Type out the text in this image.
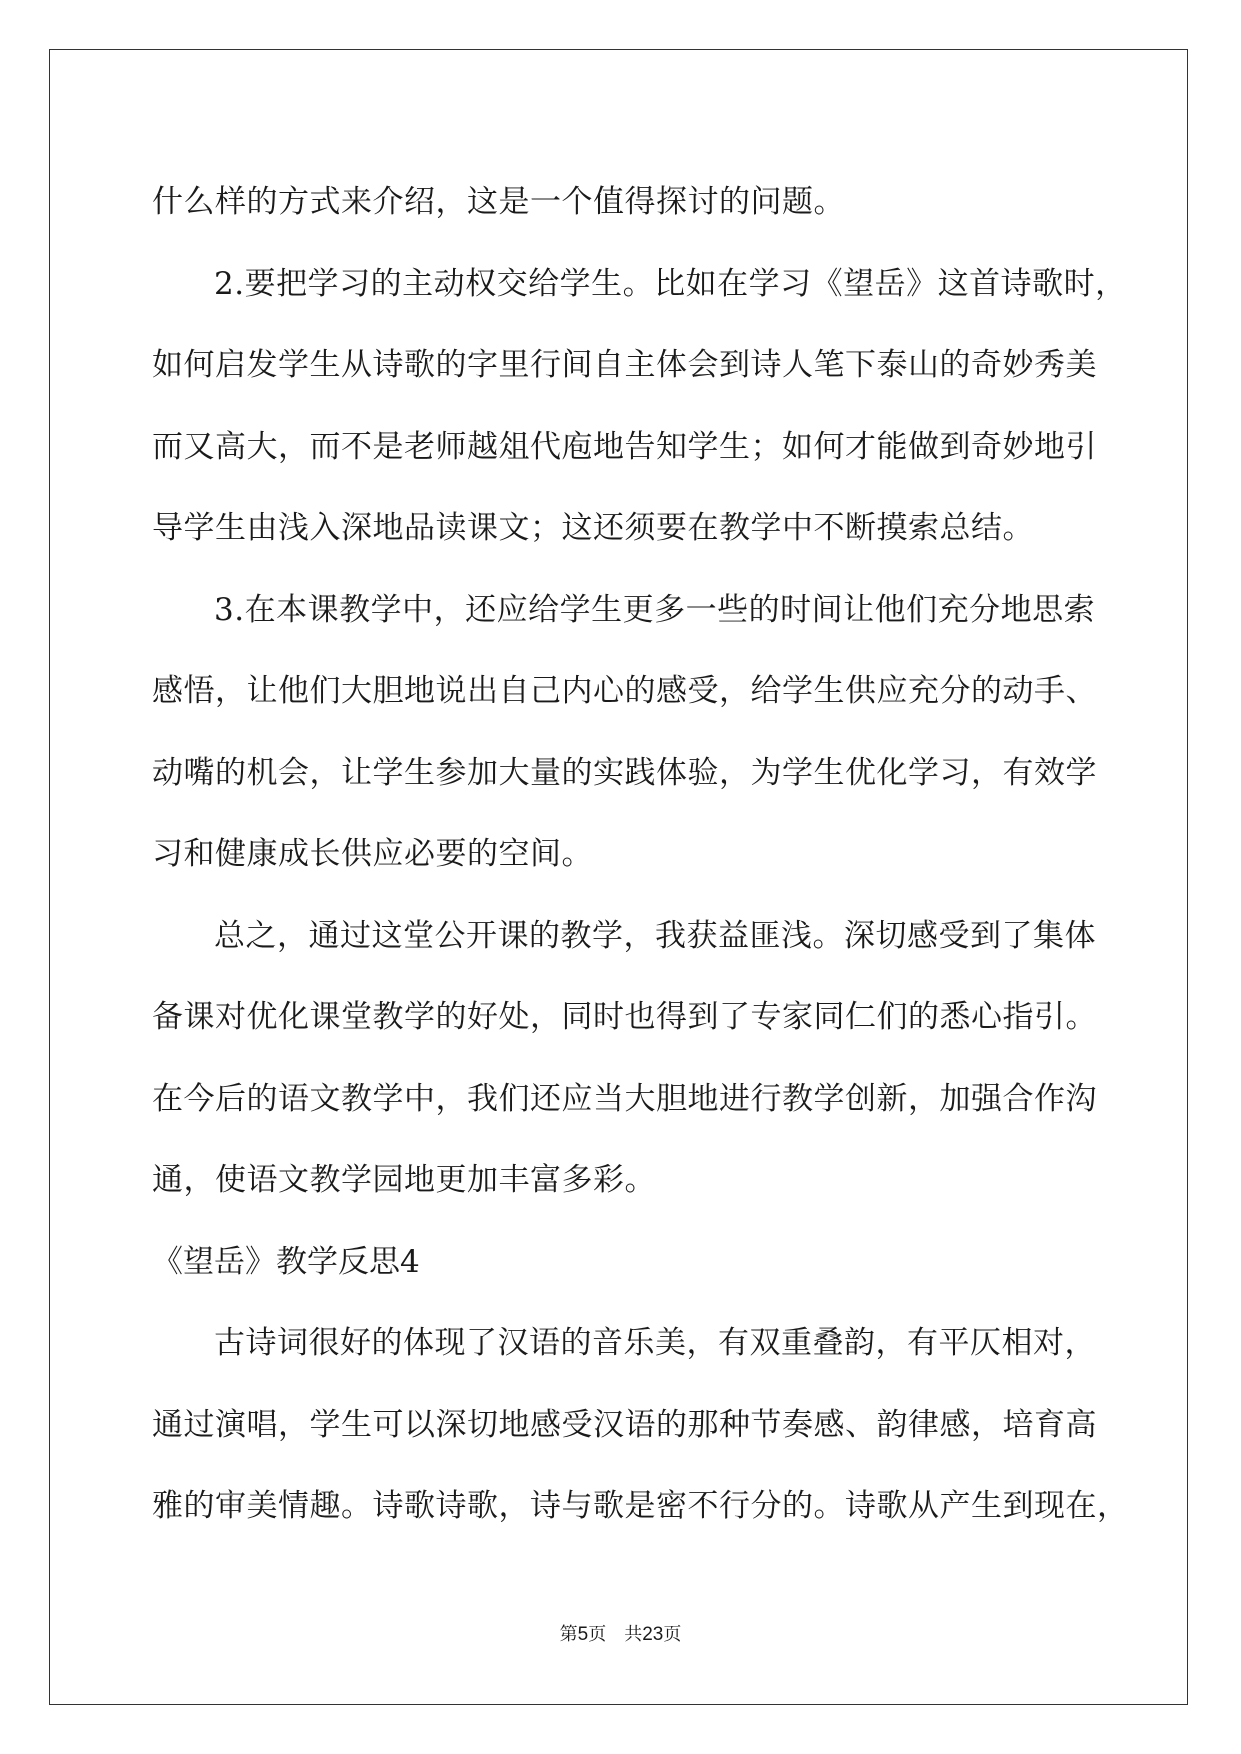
什么样的方式来介绍，这是一个值得探讨的问题。
2.要把学习的主动权交给学生。比如在学习《望岳》这首诗歌时，
如何启发学生从诗歌的字里行间自主体会到诗人笔下泰山的奇妙秀美
而又高大，而不是老师越俎代庖地告知学生；如何才能做到奇妙地引
导学生由浅入深地品读课文；这还须要在教学中不断摸索总结。
3.在本课教学中，还应给学生更多一些的时间让他们充分地思索
感悟，让他们大胆地说出自己内心的感受，给学生供应充分的动手、
动嘴的机会，让学生参加大量的实践体验，为学生优化学习，有效学
习和健康成长供应必要的空间。
总之，通过这堂公开课的教学，我获益匪浅。深切感受到了集体
备课对优化课堂教学的好处，同时也得到了专家同仁们的悉心指引。
在今后的语文教学中，我们还应当大胆地进行教学创新，加强合作沟
通，使语文教学园地更加丰富多彩。
《望岳》教学反思4
古诗词很好的体现了汉语的音乐美，有双重叠韵，有平仄相对，
通过演唱，学生可以深切地感受汉语的那种节奏感、韵律感，培育高
雅的审美情趣。诗歌诗歌，诗与歌是密不行分的。诗歌从产生到现在，
第5页 共23页
